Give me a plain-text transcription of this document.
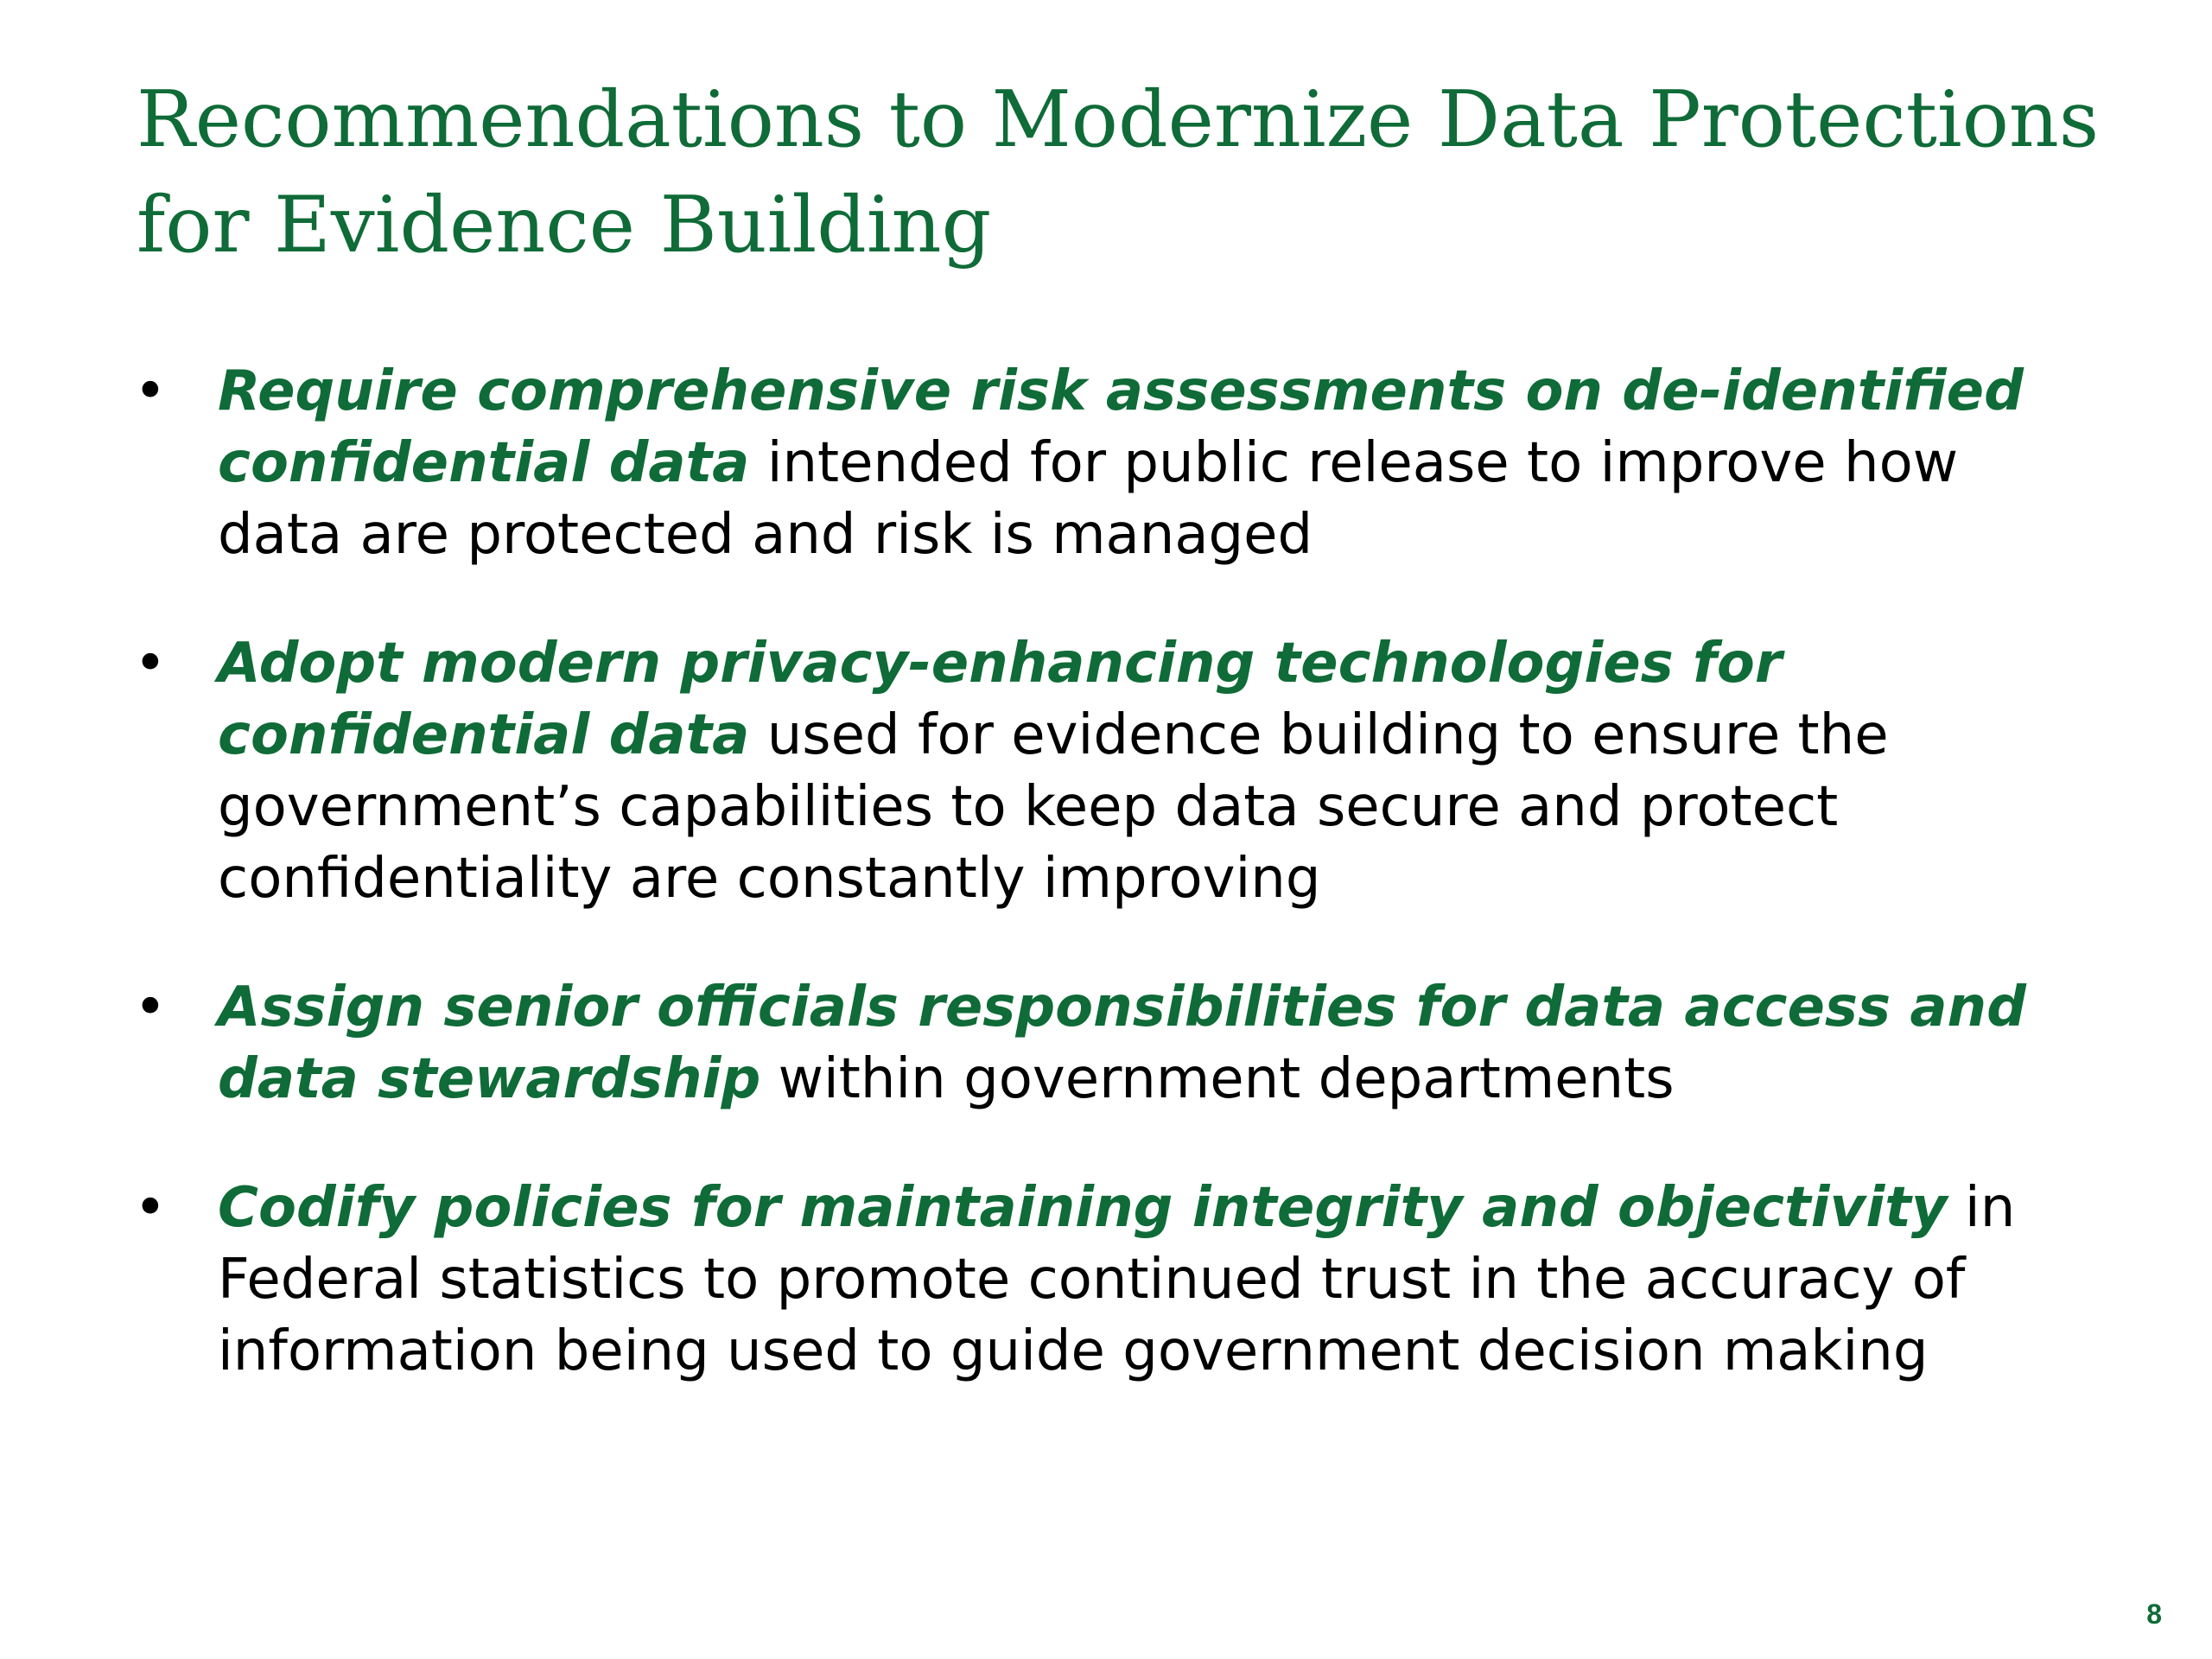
Recommendations to Modernize Data Protections for Evidence Building
• Require comprehensive risk assessments on de-identified confidential data intended for public release to improve how data are protected and risk is managed
• Adopt modern privacy-enhancing technologies for confidential data used for evidence building to ensure the government’s capabilities to keep data secure and protect confidentiality are constantly improving
• Assign senior officials responsibilities for data access and data stewardship within government departments
• Codify policies for maintaining integrity and objectivity in Federal statistics to promote continued trust in the accuracy of information being used to guide government decision making
8
